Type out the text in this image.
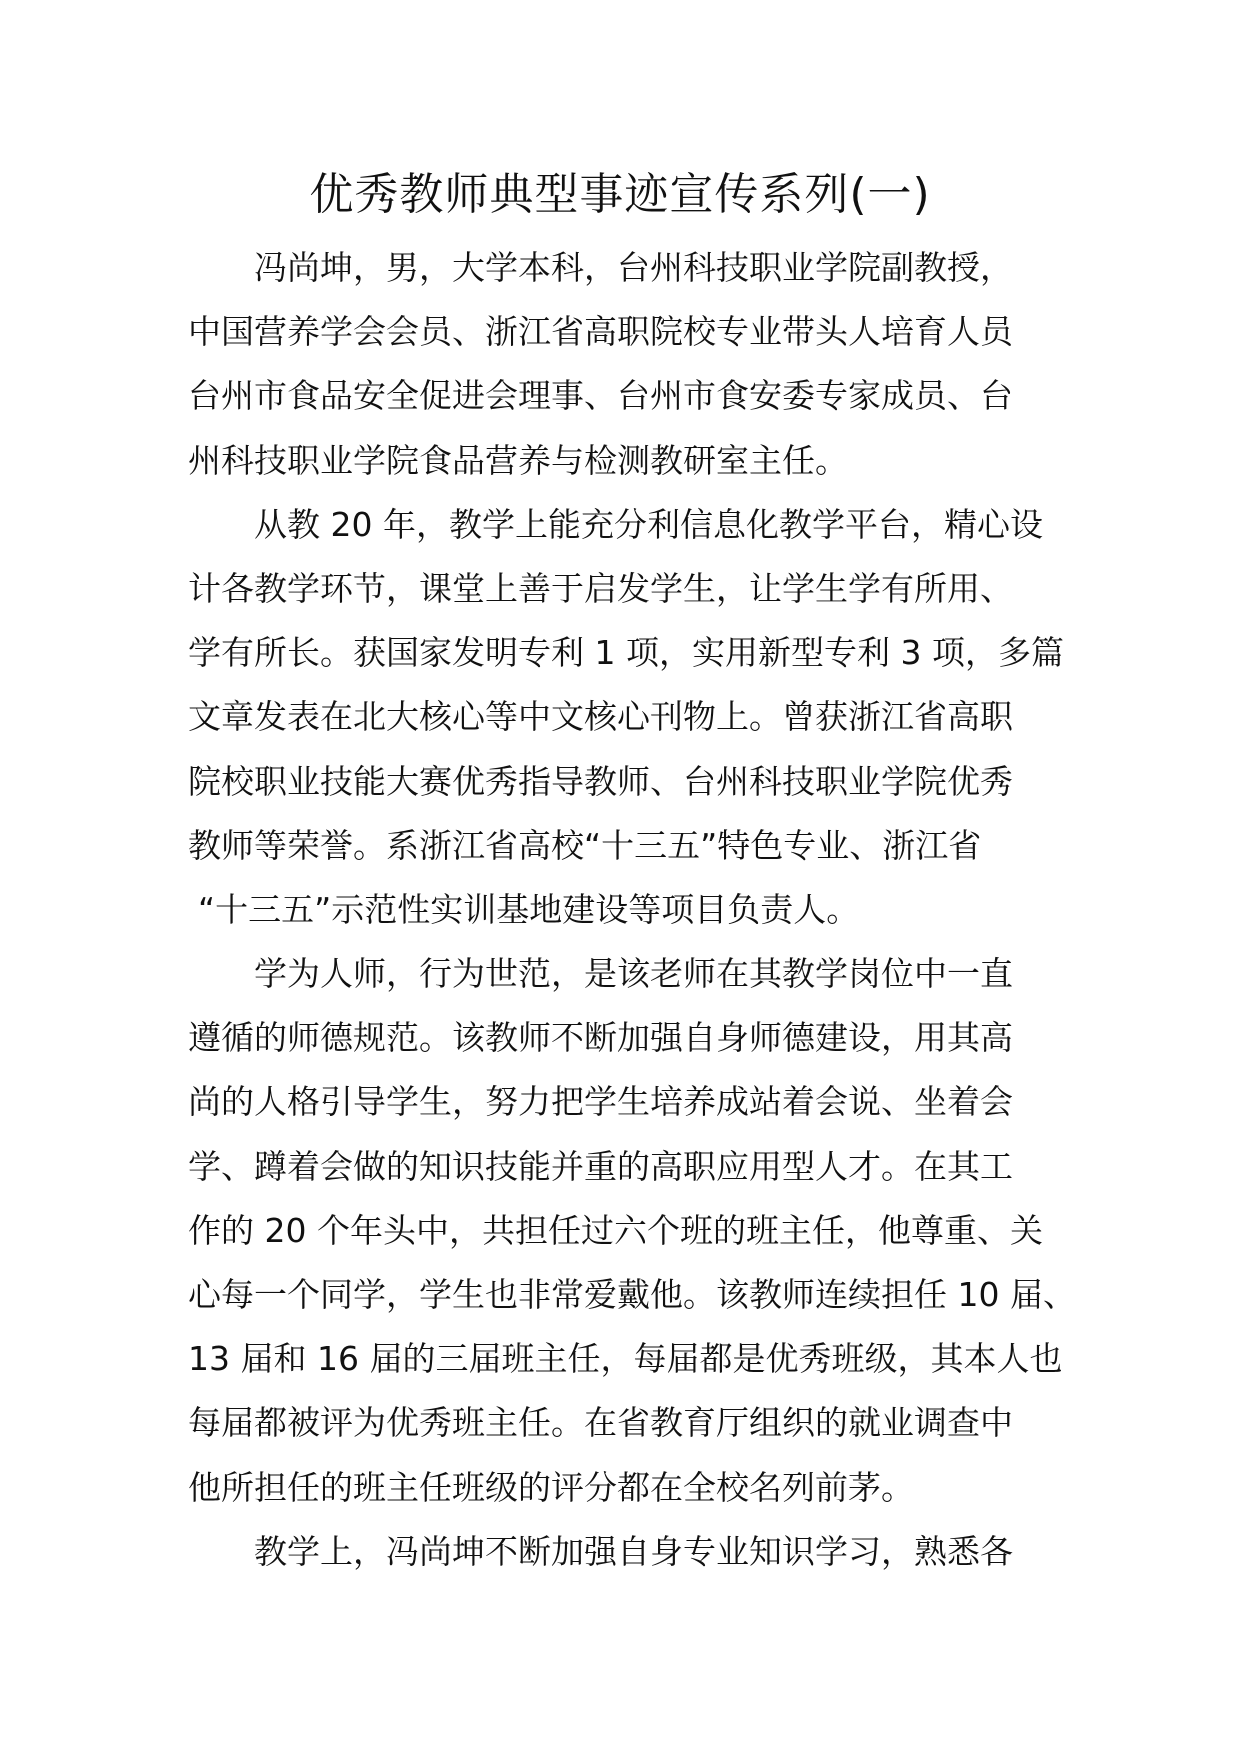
优秀教师典型事迹宣传系列(一)
冯尚坤，男，大学本科，台州科技职业学院副教授，
中国营养学会会员、浙江省高职院校专业带头人培育人员
台州市食品安全促进会理事、台州市食安委专家成员、台
州科技职业学院食品营养与检测教研室主任。
从教 20 年，教学上能充分利信息化教学平台，精心设
计各教学环节，课堂上善于启发学生，让学生学有所用、
学有所长。获国家发明专利 1 项，实用新型专利 3 项，多篇
文章发表在北大核心等中文核心刊物上。曾获浙江省高职
院校职业技能大赛优秀指导教师、台州科技职业学院优秀
教师等荣誉。系浙江省高校“十三五”特色专业、浙江省
“十三五”示范性实训基地建设等项目负责人。
学为人师，行为世范，是该老师在其教学岗位中一直
遵循的师德规范。该教师不断加强自身师德建设，用其高
尚的人格引导学生，努力把学生培养成站着会说、坐着会
学、蹲着会做的知识技能并重的高职应用型人才。在其工
作的 20 个年头中，共担任过六个班的班主任，他尊重、关
心每一个同学，学生也非常爱戴他。该教师连续担任 10 届、
13 届和 16 届的三届班主任，每届都是优秀班级，其本人也
每届都被评为优秀班主任。在省教育厅组织的就业调查中
他所担任的班主任班级的评分都在全校名列前茅。
教学上，冯尚坤不断加强自身专业知识学习，熟悉各
